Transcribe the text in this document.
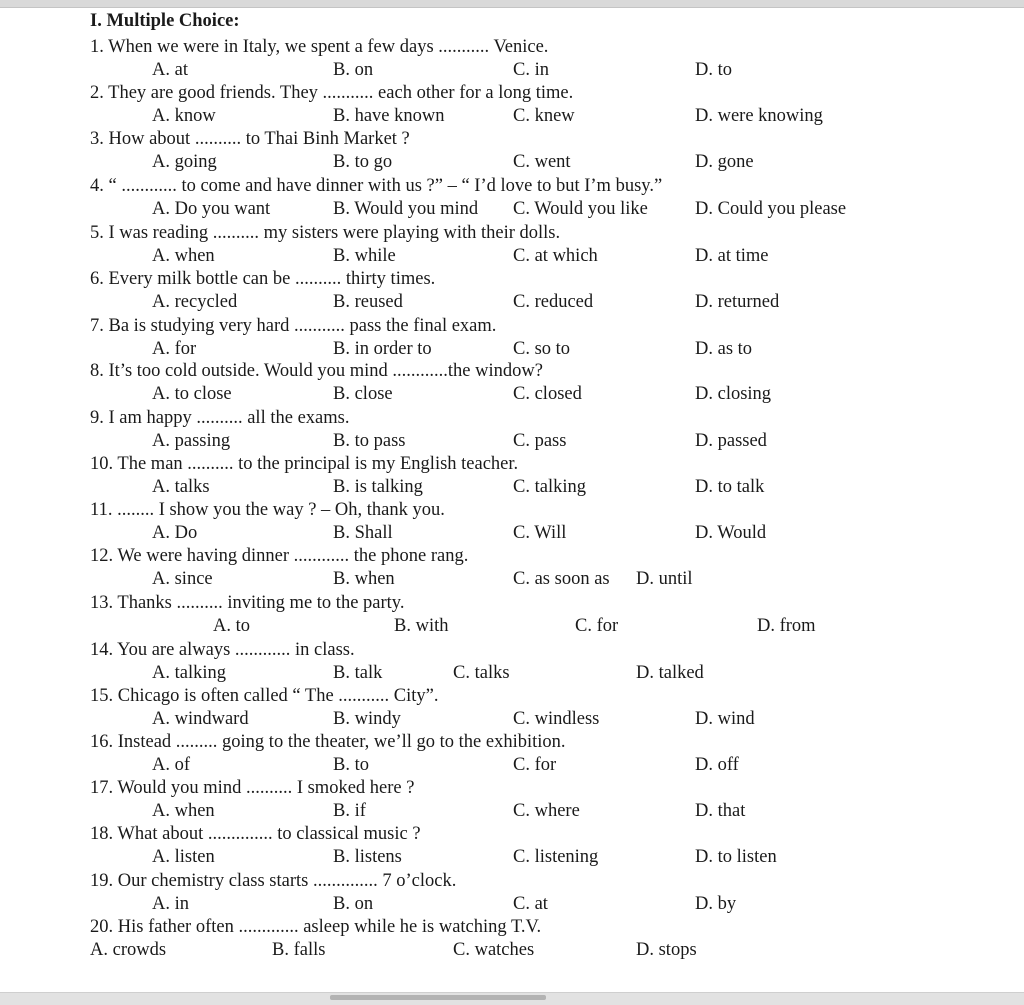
I. Multiple Choice:
1. When we were in Italy, we spent a few days ........... Venice.
A. at	B. on	C. in	D. to
2. They are good friends. They ........... each other for a long time.
A. know	B. have known	C. knew	D. were knowing
3. How about .......... to Thai Binh Market ?
A. going	B. to go	C. went	D. gone
4. “ ............ to come and have dinner with us ?” – “ I’d love to but I’m busy.”
A. Do you want	B. Would you mind C. Would you like	D. Could you please
5. I was reading .......... my sisters were playing with their dolls.
A. when	B. while	C. at which	D. at time
6. Every milk bottle can be .......... thirty times.
A. recycled	B. reused	C. reduced	D. returned
7. Ba is studying very hard ........... pass the final exam.
A. for	B. in order to	C. so to	D. as to
8. It’s too cold outside. Would you mind ............the window?
A. to close	B. close	C. closed	D. closing
9. I am happy .......... all the exams.
A. passing	B. to pass	C. pass	D. passed
10. The man .......... to the principal is my English teacher.
A. talks	B. is talking	C. talking	D. to talk
11. ........ I show you the way ? – Oh, thank you.
A. Do	B. Shall	C. Will	D. Would
12. We were having dinner ............ the phone rang.
A. since	B. when	C. as soon as D. until
13. Thanks .......... inviting me to the party.
A. to	B. with	C. for	D. from
14. You are always ............ in class.
A. talking	B. talk	C. talks	D. talked
15. Chicago is often called “ The ........... City”.
A. windward	B. windy	C. windless	D. wind
16. Instead ......... going to the theater, we’ll go to the exhibition.
A. of	B. to	C. for	D. off
17. Would you mind .......... I smoked here ?
A. when	B. if	C. where	D. that
18. What about .............. to classical music ?
A. listen	B. listens	C. listening	D. to listen
19. Our chemistry class starts .............. 7 o’clock.
A. in	B. on	C. at	D. by
20. His father often ............. asleep while he is watching T.V.
A. crowds	B. falls	C. watches	D. stops
